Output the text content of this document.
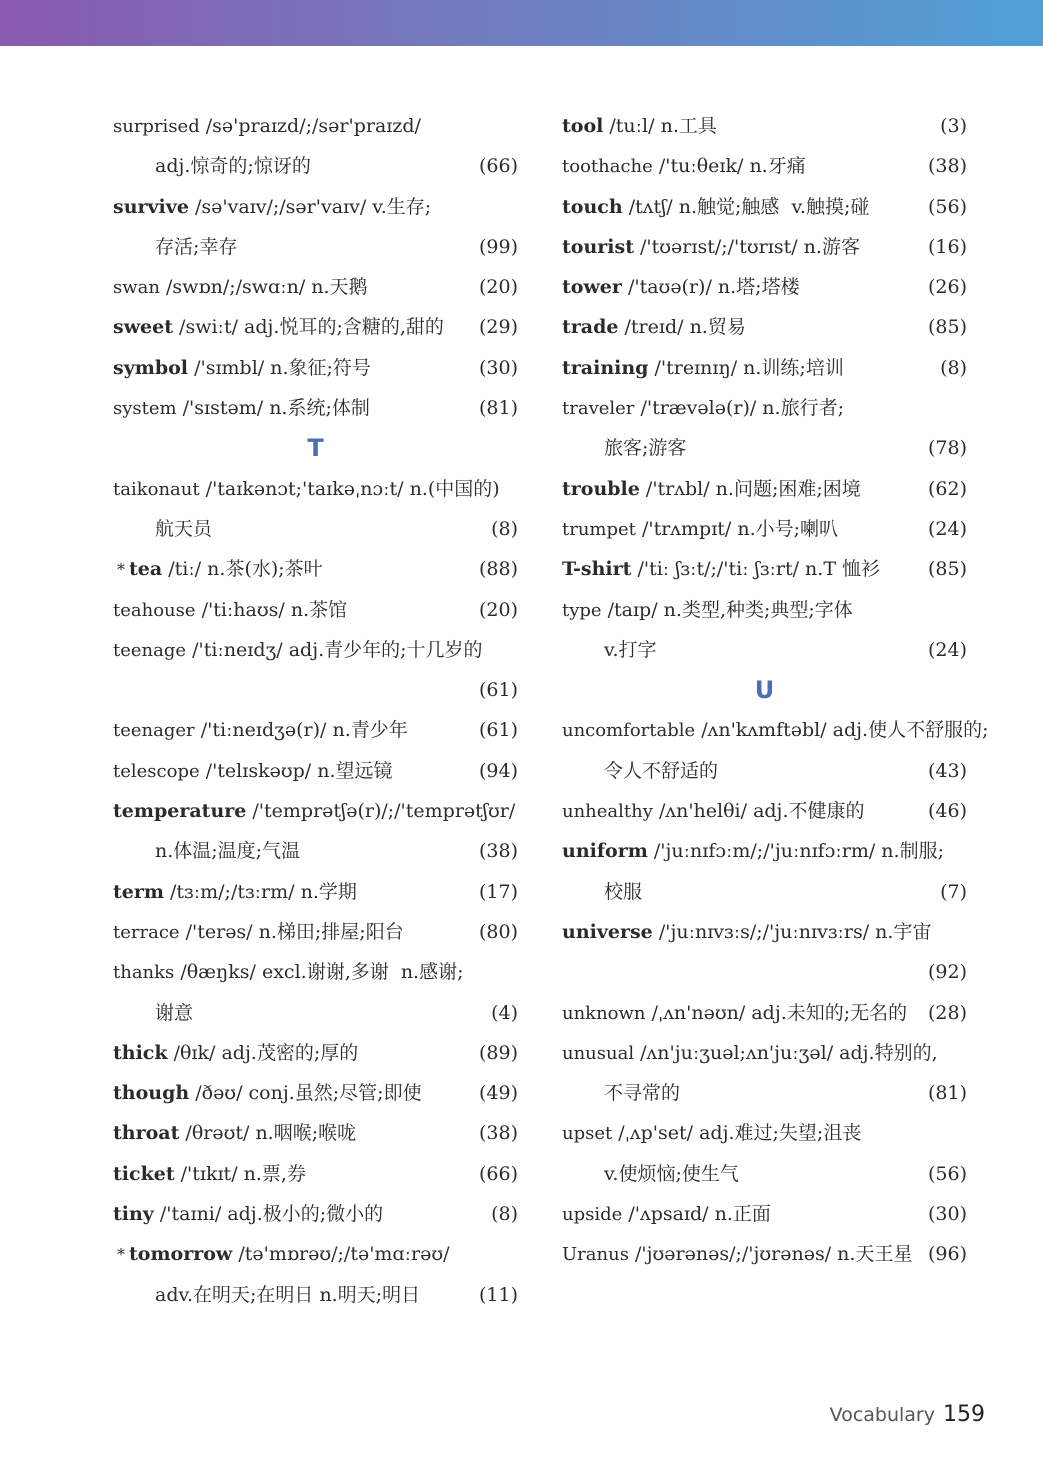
surprised /sə'praɪzd/;/sər'praɪzd/
adj.惊奇的;惊讶的	(66)
survive /sə'vaɪv/;/sər'vaɪv/ v.生存;
存活;幸存	(99)
swan /swɒn/;/swɑːn/ n.天鹅	(20)
sweet /swiːt/ adj.悦耳的;含糖的,甜的 (29)
symbol /'sɪmbl/ n.象征;符号	(30)
system /'sɪstəm/ n.系统;体制	(81)
T
taikonaut /'taɪkənɔt;'taɪkəˌnɔːt/ n.(中国的)
航天员	(8)
* tea /tiː/ n.茶(水);茶叶	(88)
teahouse /'tiːhaʊs/ n.茶馆	(20)
teenage /'tiːneɪdʒ/ adj.青少年的;十几岁的
(61)
teenager /'tiːneɪdʒə(r)/ n.青少年	(61)
telescope /'telɪskəʊp/ n.望远镜	(94)
temperature /'temprətʃə(r)/;/'temprətʃʊr/
n.体温;温度;气温	(38)
term /tɜːm/;/tɜːrm/ n.学期	(17)
terrace /'terəs/ n.梯田;排屋;阳台	(80)
thanks /θæŋks/ excl.谢谢,多谢  n.感谢;
谢意	(4)
thick /θɪk/ adj.茂密的;厚的	(89)
though /ðəʊ/ conj.虽然;尽管;即使	(49)
throat /θrəʊt/ n.咽喉;喉咙	(38)
ticket /'tɪkɪt/ n.票,券	(66)
tiny /'taɪni/ adj.极小的;微小的	(8)
* tomorrow /tə'mɒrəʊ/;/tə'mɑːrəʊ/
adv.在明天;在明日 n.明天;明日	(11)
tool /tuːl/ n.工具	(3)
toothache /'tuːθeɪk/ n.牙痛	(38)
touch /tʌtʃ/ n.触觉;触感  v.触摸;碰	(56)
tourist /'tʊərɪst/;/'tʊrɪst/ n.游客	(16)
tower /'taʊə(r)/ n.塔;塔楼	(26)
trade /treɪd/ n.贸易	(85)
training /'treɪnɪŋ/ n.训练;培训	(8)
traveler /'trævələ(r)/ n.旅行者;
旅客;游客	(78)
trouble /'trʌbl/ n.问题;困难;困境	(62)
trumpet /'trʌmpɪt/ n.小号;喇叭	(24)
T-shirt /'tiː ʃɜːt/;/'tiː ʃɜːrt/ n.T 恤衫	(85)
type /taɪp/ n.类型,种类;典型;字体
v.打字	(24)
U
uncomfortable /ʌn'kʌmftəbl/ adj.使人不舒服的;
令人不舒适的	(43)
unhealthy /ʌn'helθi/ adj.不健康的	(46)
uniform /'juːnɪfɔːm/;/'juːnɪfɔːrm/ n.制服;
校服	(7)
universe /'juːnɪvɜːs/;/'juːnɪvɜːrs/ n.宇宙
(92)
unknown /ˌʌn'nəʊn/ adj.未知的;无名的 (28)
unusual /ʌn'juːʒuəl;ʌn'juːʒəl/ adj.特别的,
不寻常的	(81)
upset /ˌʌp'set/ adj.难过;失望;沮丧
v.使烦恼;使生气	(56)
upside /'ʌpsaɪd/ n.正面	(30)
Uranus /'jʊərənəs/;/'jʊrənəs/ n.天王星 (96)
Vocabulary 159
